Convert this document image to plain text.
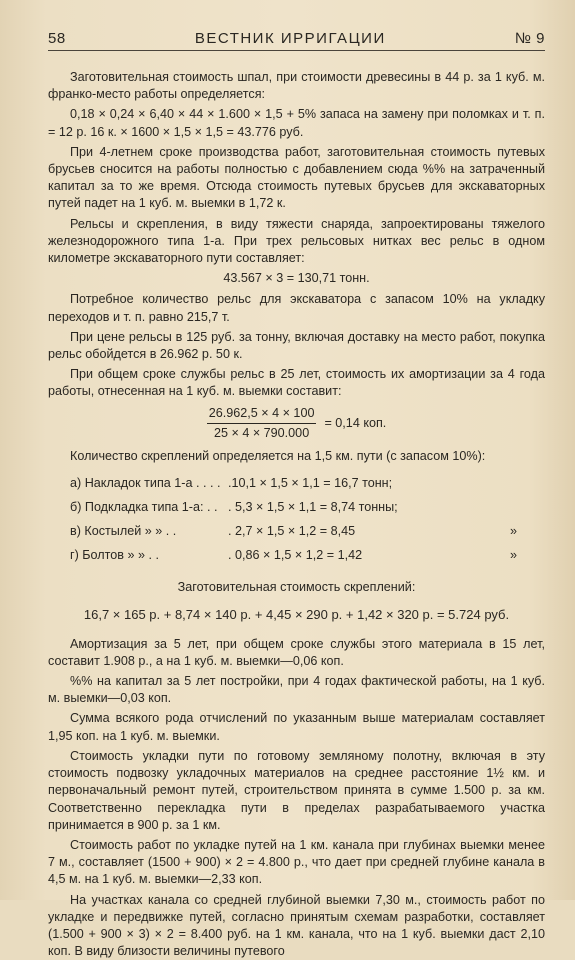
58	ВЕСТНИК ИРРИГАЦИИ	№ 9

Заготовительная стоимость шпал, при стоимости древесины в 44 р. за 1 куб. м. франко-место работы определяется:

0,18 × 0,24 × 6,40 × 44 × 1.600 × 1,5 + 5% запаса на замену при поломках и т. п. = 12 р. 16 к. × 1600 × 1,5 × 1,5 = 43.776 руб.

При 4-летнем сроке производства работ, заготовительная стоимость путевых брусьев сносится на работы полностью с добавлением сюда %% на затраченный капитал за то же время. Отсюда стоимость путевых брусьев для экскаваторных путей падет на 1 куб. м. выемки в 1,72 к.

Рельсы и скрепления, в виду тяжести снаряда, запроектированы тяжелого железнодорожного типа 1-а. При трех рельсовых нитках вес рельс в одном километре экскаваторного пути составляет:

43.567 × 3 = 130,71 тонн.

Потребное количество рельс для экскаватора с запасом 10% на укладку переходов и т. п. равно 215,7 т.

При цене рельсы в 125 руб. за тонну, включая доставку на место работ, покупка рельс обойдется в 26.962 р. 50 к.

При общем сроке службы рельс в 25 лет, стоимость их амортизации за 4 года работы, отнесенная на 1 куб. м. выемки составит:

$\frac{26.962,5 \times 4 \times 100}{25 \times 4 \times 790.000} = 0,14$ коп.

Количество скреплений определяется на 1,5 км. пути (с запасом 10%):

а) Накладок типа 1-а . . . . .10,1 × 1,5 × 1,1 = 16,7 тонн;
б) Подкладка типа 1-а: . . . 5,3 × 1,5 × 1,1 = 8,74 тонны;
в) Костылей » » . .	. 2,7 × 1,5 × 1,2 = 8,45	»
г) Болтов » » . .	. 0,86 × 1,5 × 1,2 = 1,42	»
Заготовительная стоимость скреплений:
16,7 × 165 р. + 8,74 × 140 р. + 4,45 × 290 р. + 1,42 × 320 р. = 5.724 руб.

Амортизация за 5 лет, при общем сроке службы этого материала в 15 лет, составит 1.908 р., а на 1 куб. м. выемки—0,06 коп.

%% на капитал за 5 лет постройки, при 4 годах фактической работы, на 1 куб. м. выемки—0,03 коп.

Сумма всякого рода отчислений по указанным выше материалам составляет 1,95 коп. на 1 куб. м. выемки.

Стоимость укладки пути по готовому земляному полотну, включая в эту стоимость подвозку укладочных материалов на среднее расстояние 1½ км. и первоначальный ремонт путей, строительством принята в сумме 1.500 р. за км. Соответственно перекладка пути в пределах разрабатываемого участка принимается в 900 р. за 1 км.

Стоимость работ по укладке путей на 1 км. канала при глубинах выемки менее 7 м., составляет (1500 + 900) × 2 = 4.800 р., что дает при средней глубине канала в 4,5 м. на 1 куб. м. выемки—2,33 коп.

На участках канала со средней глубиной выемки 7,30 м., стоимость работ по укладке и передвижке путей, согласно принятым схемам разработки, составляет (1.500 + 900 × 3) × 2 = 8.400 руб. на 1 км. канала, что на 1 куб. выемки даст 2,10 коп. В виду близости величины путевого
